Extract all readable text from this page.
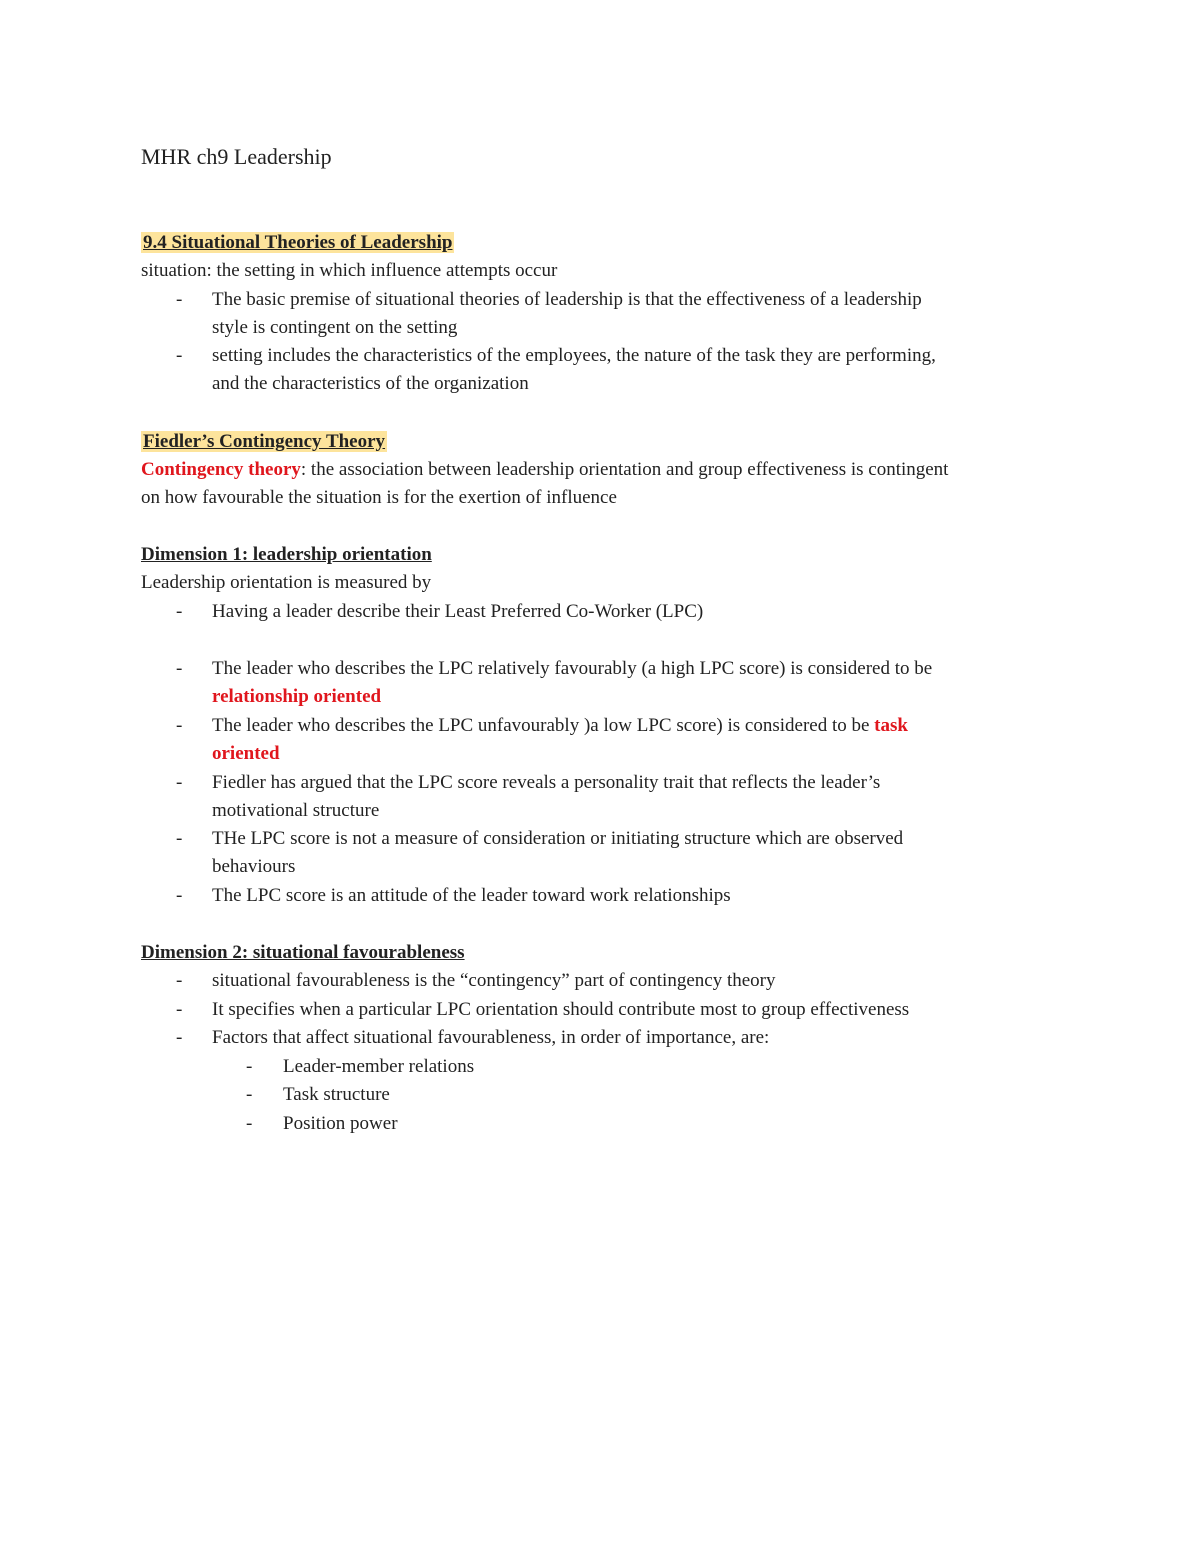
MHR ch9 Leadership

9.4 Situational Theories of Leadership

situation: the setting in which influence attempts occur

- The basic premise of situational theories of leadership is that the effectiveness of a leadership
style is contingent on the setting
- setting includes the characteristics of the employees, the nature of the task they are performing,
and the characteristics of the organization

Fiedler’s Contingency Theory

Contingency theory: the association between leadership orientation and group effectiveness is contingent

on how favourable the situation is for the exertion of influence

Dimension 1: leadership orientation

Leadership orientation is measured by

- Having a leader describe their Least Preferred Co-Worker (LPC)
- The leader who describes the LPC relatively favourably (a high LPC score) is considered to be
relationship oriented
- The leader who describes the LPC unfavourably )a low LPC score) is considered to be task
oriented
- Fiedler has argued that the LPC score reveals a personality trait that reflects the leader’s
motivational structure
- THe LPC score is not a measure of consideration or initiating structure which are observed
behaviours
- The LPC score is an attitude of the leader toward work relationships

Dimension 2: situational favourableness

- situational favourableness is the “contingency” part of contingency theory
- It specifies when a particular LPC orientation should contribute most to group effectiveness
- Factors that affect situational favourableness, in order of importance, are:
- Leader-member relations
- Task structure
- Position power
